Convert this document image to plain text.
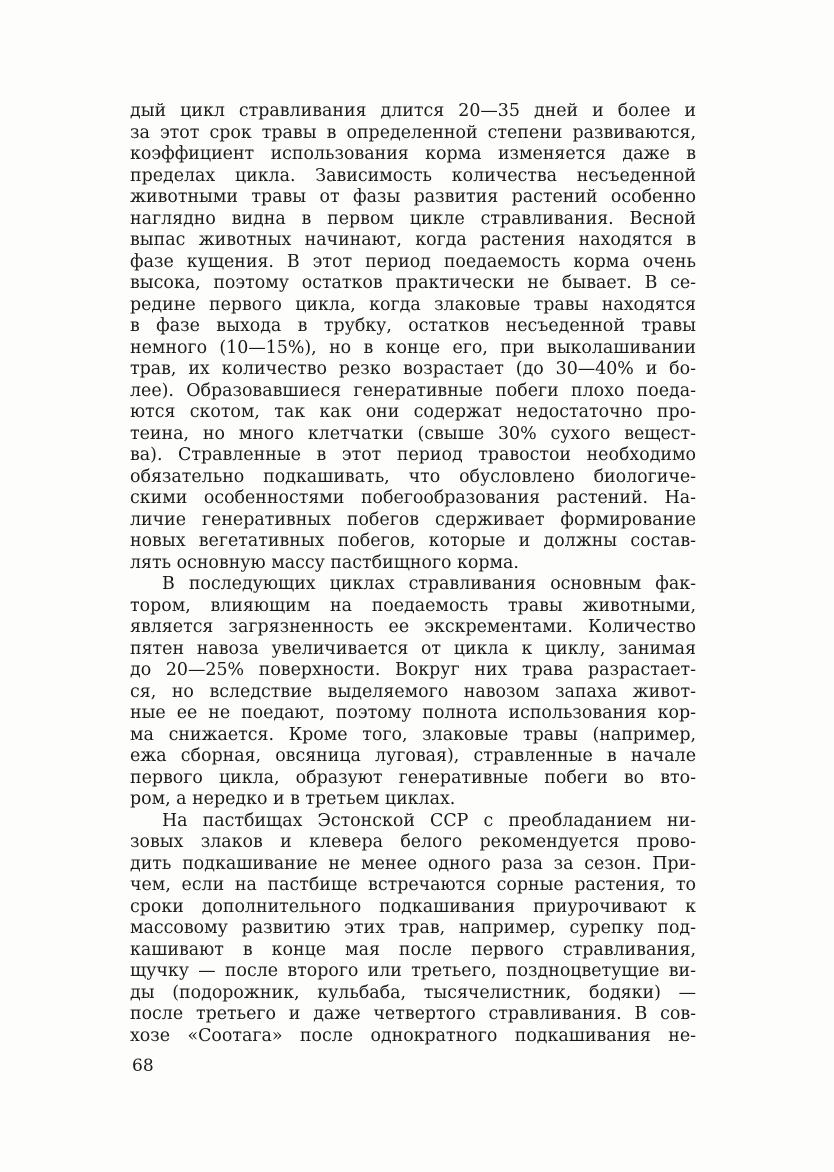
дый цикл стравливания длится 20—35 дней и более и
за этот срок травы в определенной степени развиваются,
коэффициент использования корма изменяется даже в
пределах цикла. Зависимость количества несъеденной
животными травы от фазы развития растений особенно
наглядно видна в первом цикле стравливания. Весной
выпас животных начинают, когда растения находятся в
фазе кущения. В этот период поедаемость корма очень
высока, поэтому остатков практически не бывает. В се-
редине первого цикла, когда злаковые травы находятся
в фазе выхода в трубку, остатков несъеденной травы
немного (10—15%), но в конце его, при выколашивании
трав, их количество резко возрастает (до 30—40% и бо-
лее). Образовавшиеся генеративные побеги плохо поеда-
ются скотом, так как они содержат недостаточно про-
теина, но много клетчатки (свыше 30% сухого вещест-
ва). Стравленные в этот период травостои необходимо
обязательно подкашивать, что обусловлено биологиче-
скими особенностями побегообразования растений. На-
личие генеративных побегов сдерживает формирование
новых вегетативных побегов, которые и должны состав-
лять основную массу пастбищного корма.
В последующих циклах стравливания основным фак-
тором, влияющим на поедаемость травы животными,
является загрязненность ее экскрементами. Количество
пятен навоза увеличивается от цикла к циклу, занимая
до 20—25% поверхности. Вокруг них трава разрастает-
ся, но вследствие выделяемого навозом запаха живот-
ные ее не поедают, поэтому полнота использования кор-
ма снижается. Кроме того, злаковые травы (например,
ежа сборная, овсяница луговая), стравленные в начале
первого цикла, образуют генеративные побеги во вто-
ром, а нередко и в третьем циклах.
На пастбищах Эстонской ССР с преобладанием ни-
зовых злаков и клевера белого рекомендуется прово-
дить подкашивание не менее одного раза за сезон. При-
чем, если на пастбище встречаются сорные растения, то
сроки дополнительного подкашивания приурочивают к
массовому развитию этих трав, например, сурепку под-
кашивают в конце мая после первого стравливания,
щучку — после второго или третьего, поздноцветущие ви-
ды (подорожник, кульбаба, тысячелистник, бодяки) —
после третьего и даже четвертого стравливания. В сов-
хозе «Соотага» после однократного подкашивания не-
68
